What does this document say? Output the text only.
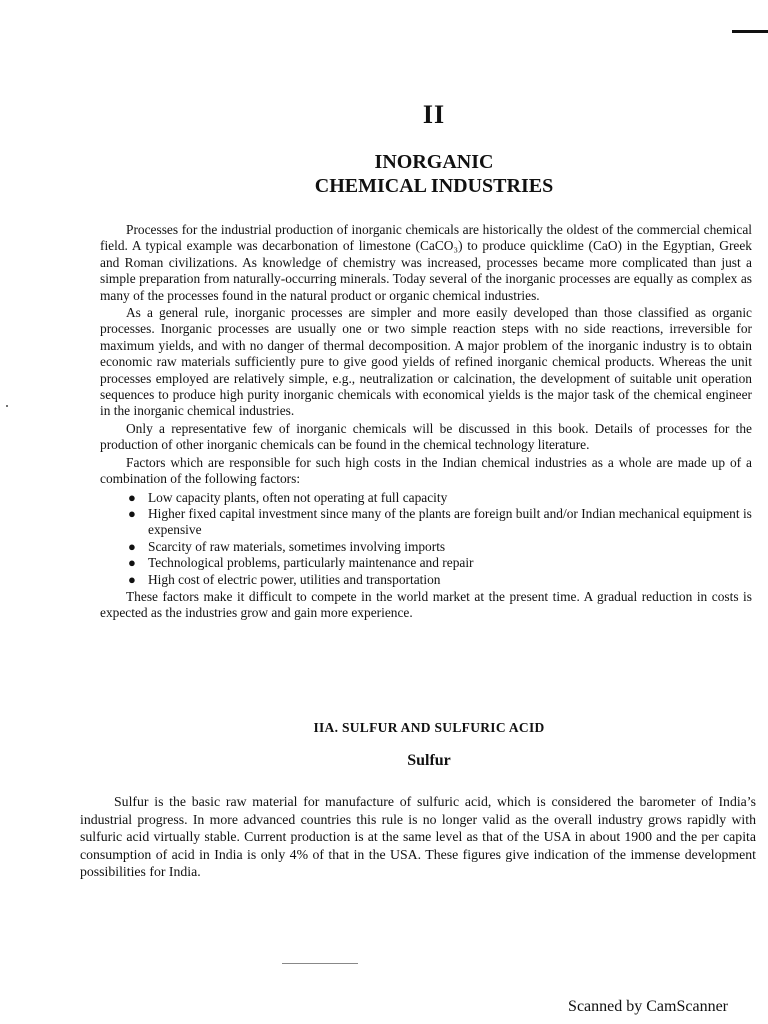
II
INORGANIC
CHEMICAL INDUSTRIES

Processes for the industrial production of inorganic chemicals are historically the oldest of the commercial chemical field. A typical example was decarbonation of limestone (CaCO₃) to produce quicklime (CaO) in the Egyptian, Greek and Roman civilizations. As knowledge of chemistry was increased, processes became more complicated than just a simple preparation from naturally-occurring minerals. Today several of the inorganic processes are equally as complex as many of the processes found in the natural product or organic chemical industries.

As a general rule, inorganic processes are simpler and more easily developed than those classified as organic processes. Inorganic processes are usually one or two simple reaction steps with no side reactions, irreversible for maximum yields, and with no danger of thermal decomposition. A major problem of the inorganic industry is to obtain economic raw materials sufficiently pure to give good yields of refined inorganic chemical products. Whereas the unit processes employed are relatively simple, e.g., neutralization or calcination, the development of suitable unit operation sequences to produce high purity inorganic chemicals with economical yields is the major task of the chemical engineer in the inorganic chemical industries.

Only a representative few of inorganic chemicals will be discussed in this book. Details of processes for the production of other inorganic chemicals can be found in the chemical technology literature.

Factors which are responsible for such high costs in the Indian chemical industries as a whole are made up of a combination of the following factors:

● Low capacity plants, often not operating at full capacity
● Higher fixed capital investment since many of the plants are foreign built and/or Indian mechanical equipment is expensive
● Scarcity of raw materials, sometimes involving imports
● Technological problems, particularly maintenance and repair
● High cost of electric power, utilities and transportation

These factors make it difficult to compete in the world market at the present time. A gradual reduction in costs is expected as the industries grow and gain more experience.

IIA. SULFUR AND SULFURIC ACID
Sulfur

Sulfur is the basic raw material for manufacture of sulfuric acid, which is considered the barometer of India’s industrial progress. In more advanced countries this rule is no longer valid as the overall industry grows rapidly with sulfuric acid virtually stable. Current production is at the same level as that of the USA in about 1900 and the per capita consumption of acid in India is only 4% of that in the USA. These figures give indication of the immense development possibilities for India.

Scanned by CamScanner
